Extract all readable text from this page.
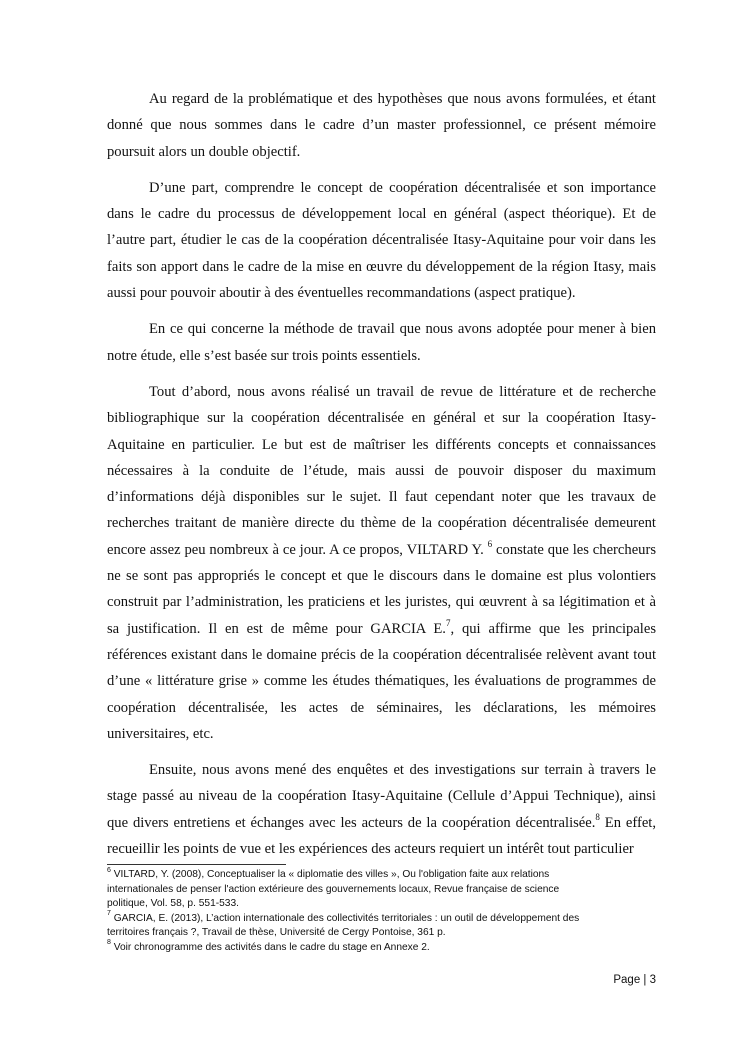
Au regard de la problématique et des hypothèses que nous avons formulées, et étant donné que nous sommes dans le cadre d’un master professionnel, ce présent mémoire poursuit alors un double objectif.

D’une part, comprendre le concept de coopération décentralisée et son importance dans le cadre du processus de développement local en général (aspect théorique). Et de l’autre part, étudier le cas de la coopération décentralisée Itasy-Aquitaine pour voir dans les faits son apport dans le cadre de la mise en œuvre du développement de la région Itasy, mais aussi pour pouvoir aboutir à des éventuelles recommandations (aspect pratique).

En ce qui concerne la méthode de travail que nous avons adoptée pour mener à bien notre étude, elle s’est basée sur trois points essentiels.

Tout d’abord, nous avons réalisé un travail de revue de littérature et de recherche bibliographique sur la coopération décentralisée en général et sur la coopération Itasy-Aquitaine en particulier. Le but est de maîtriser les différents concepts et connaissances nécessaires à la conduite de l’étude, mais aussi de pouvoir disposer du maximum d’informations déjà disponibles sur le sujet. Il faut cependant noter que les travaux de recherches traitant de manière directe du thème de la coopération décentralisée demeurent encore assez peu nombreux à ce jour. A ce propos, VILTARD Y. $^6$ constate que les chercheurs ne se sont pas appropriés le concept et que le discours dans le domaine est plus volontiers construit par l’administration, les praticiens et les juristes, qui œuvrent à sa légitimation et à sa justification. Il en est de même pour GARCIA E.$^7$, qui affirme que les principales références existant dans le domaine précis de la coopération décentralisée relèvent avant tout d’une « littérature grise » comme les études thématiques, les évaluations de programmes de coopération décentralisée, les actes de séminaires, les déclarations, les mémoires universitaires, etc.

Ensuite, nous avons mené des enquêtes et des investigations sur terrain à travers le stage passé au niveau de la coopération Itasy-Aquitaine (Cellule d’Appui Technique), ainsi que divers entretiens et échanges avec les acteurs de la coopération décentralisée.$^8$ En effet, recueillir les points de vue et les expériences des acteurs requiert un intérêt tout particulier

$^6$ VILTARD, Y. (2008), Conceptualiser la « diplomatie des villes », Ou l'obligation faite aux relations

internationales de penser l'action extérieure des gouvernements locaux, Revue française de science

politique, Vol. 58, p. 551-533.

$^7$ GARCIA, E. (2013), L’action internationale des collectivités territoriales : un outil de développement des

territoires français ?, Travail de thèse, Université de Cergy Pontoise, 361 p.

$^8$ Voir chronogramme des activités dans le cadre du stage en Annexe 2.

Page | 3
